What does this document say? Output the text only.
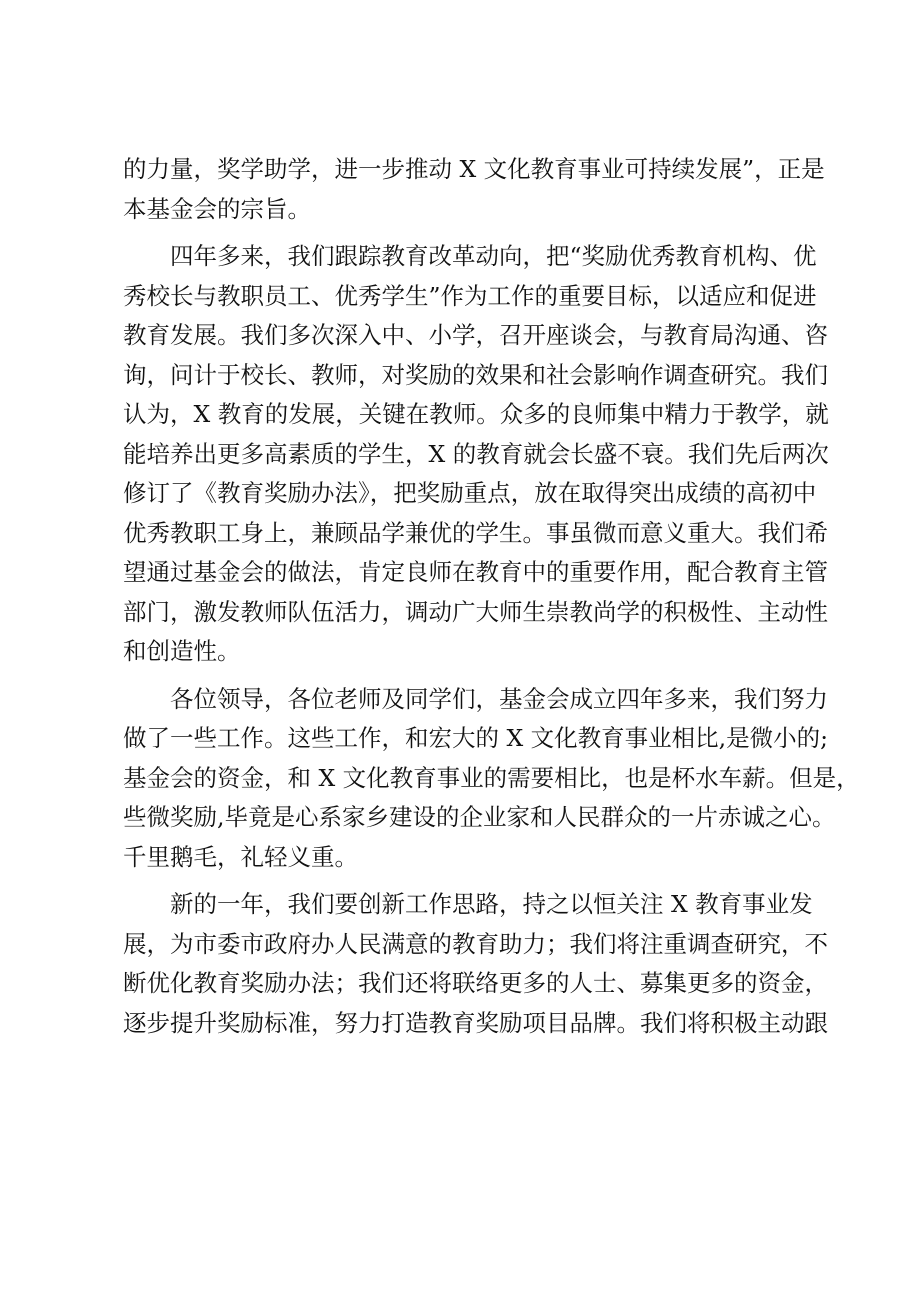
的力量，奖学助学，进一步推动 X 文化教育事业可持续发展”，正是
本基金会的宗旨。
四年多来，我们跟踪教育改革动向，把“奖励优秀教育机构、优
秀校长与教职员工、优秀学生”作为工作的重要目标，以适应和促进
教育发展。我们多次深入中、小学，召开座谈会，与教育局沟通、咨
询，问计于校长、教师，对奖励的效果和社会影响作调查研究。我们
认为，X 教育的发展，关键在教师。众多的良师集中精力于教学，就
能培养出更多高素质的学生，X 的教育就会长盛不衰。我们先后两次
修订了《教育奖励办法》，把奖励重点，放在取得突出成绩的高初中
优秀教职工身上，兼顾品学兼优的学生。事虽微而意义重大。我们希
望通过基金会的做法，肯定良师在教育中的重要作用，配合教育主管
部门，激发教师队伍活力，调动广大师生崇教尚学的积极性、主动性
和创造性。
各位领导，各位老师及同学们，基金会成立四年多来，我们努力
做了一些工作。这些工作，和宏大的 X 文化教育事业相比,是微小的;
基金会的资金，和 X 文化教育事业的需要相比，也是杯水车薪。但是，
些微奖励,毕竟是心系家乡建设的企业家和人民群众的一片赤诚之心。
千里鹅毛，礼轻义重。
新的一年，我们要创新工作思路，持之以恒关注 X 教育事业发
展，为市委市政府办人民满意的教育助力；我们将注重调查研究，不
断优化教育奖励办法；我们还将联络更多的人士、募集更多的资金，
逐步提升奖励标准，努力打造教育奖励项目品牌。我们将积极主动跟
